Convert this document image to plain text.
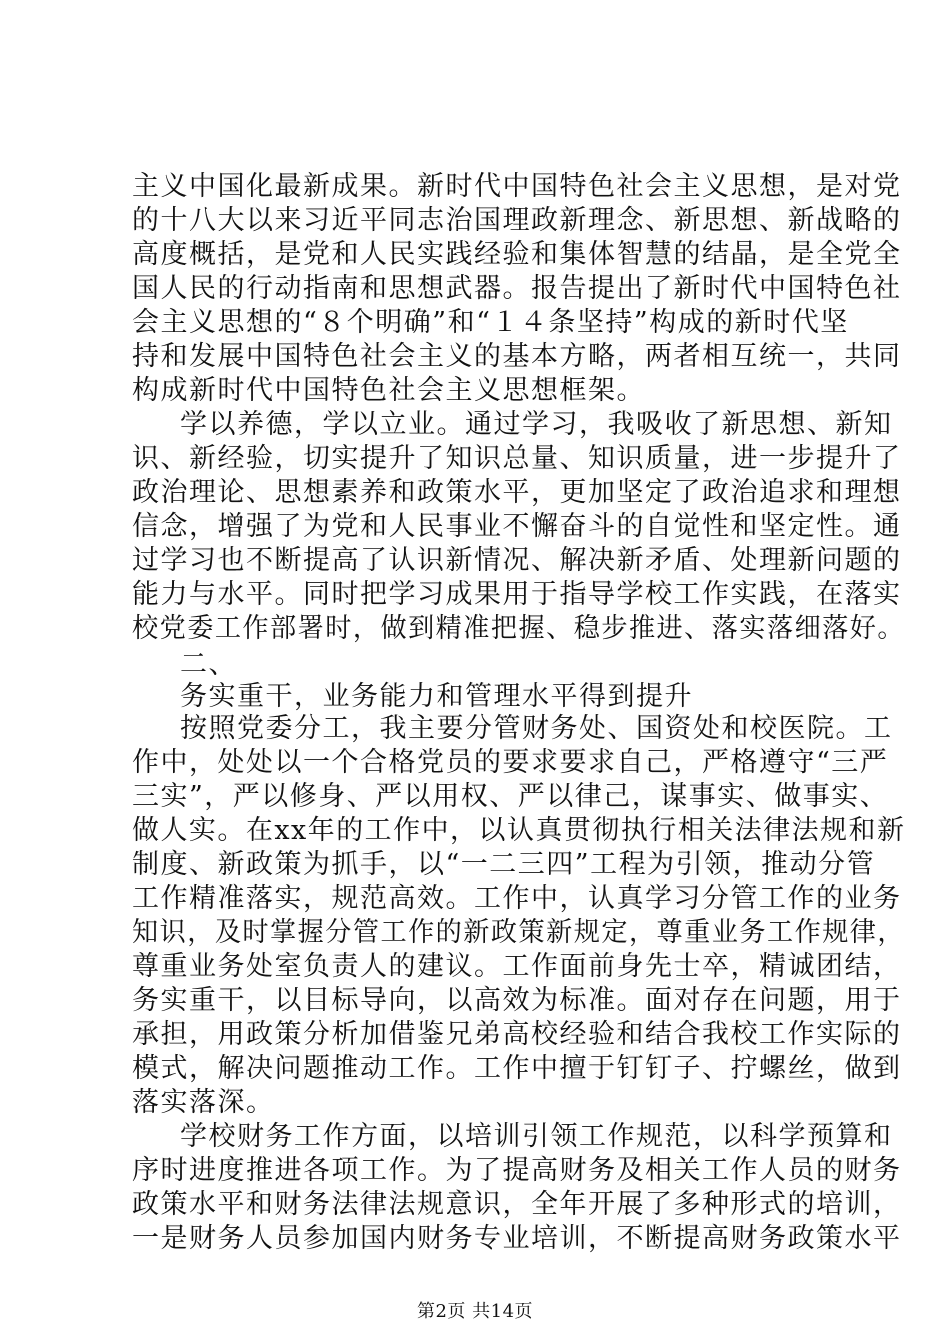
主义中国化最新成果。新时代中国特色社会主义思想，是对党
的十八大以来习近平同志治国理政新理念、新思想、新战略的
高度概括，是党和人民实践经验和集体智慧的结晶，是全党全
国人民的行动指南和思想武器。报告提出了新时代中国特色社
会主义思想的“８个明确”和“１４条坚持”构成的新时代坚
持和发展中国特色社会主义的基本方略，两者相互统一，共同
构成新时代中国特色社会主义思想框架。
学以养德，学以立业。通过学习，我吸收了新思想、新知
识、新经验，切实提升了知识总量、知识质量，进一步提升了
政治理论、思想素养和政策水平，更加坚定了政治追求和理想
信念，增强了为党和人民事业不懈奋斗的自觉性和坚定性。通
过学习也不断提高了认识新情况、解决新矛盾、处理新问题的
能力与水平。同时把学习成果用于指导学校工作实践，在落实
校党委工作部署时，做到精准把握、稳步推进、落实落细落好。
二、
务实重干，业务能力和管理水平得到提升
按照党委分工，我主要分管财务处、国资处和校医院。工
作中，处处以一个合格党员的要求要求自己，严格遵守“三严
三实”，严以修身、严以用权、严以律己，谋事实、做事实、
做人实。在xx年的工作中，以认真贯彻执行相关法律法规和新
制度、新政策为抓手，以“一二三四”工程为引领，推动分管
工作精准落实，规范高效。工作中，认真学习分管工作的业务
知识，及时掌握分管工作的新政策新规定，尊重业务工作规律，
尊重业务处室负责人的建议。工作面前身先士卒，精诚团结，
务实重干，以目标导向，以高效为标准。面对存在问题，用于
承担，用政策分析加借鉴兄弟高校经验和结合我校工作实际的
模式，解决问题推动工作。工作中擅于钉钉子、拧螺丝，做到
落实落深。
学校财务工作方面，以培训引领工作规范，以科学预算和
序时进度推进各项工作。为了提高财务及相关工作人员的财务
政策水平和财务法律法规意识，全年开展了多种形式的培训，
一是财务人员参加国内财务专业培训，不断提高财务政策水平
第2页 共14页
